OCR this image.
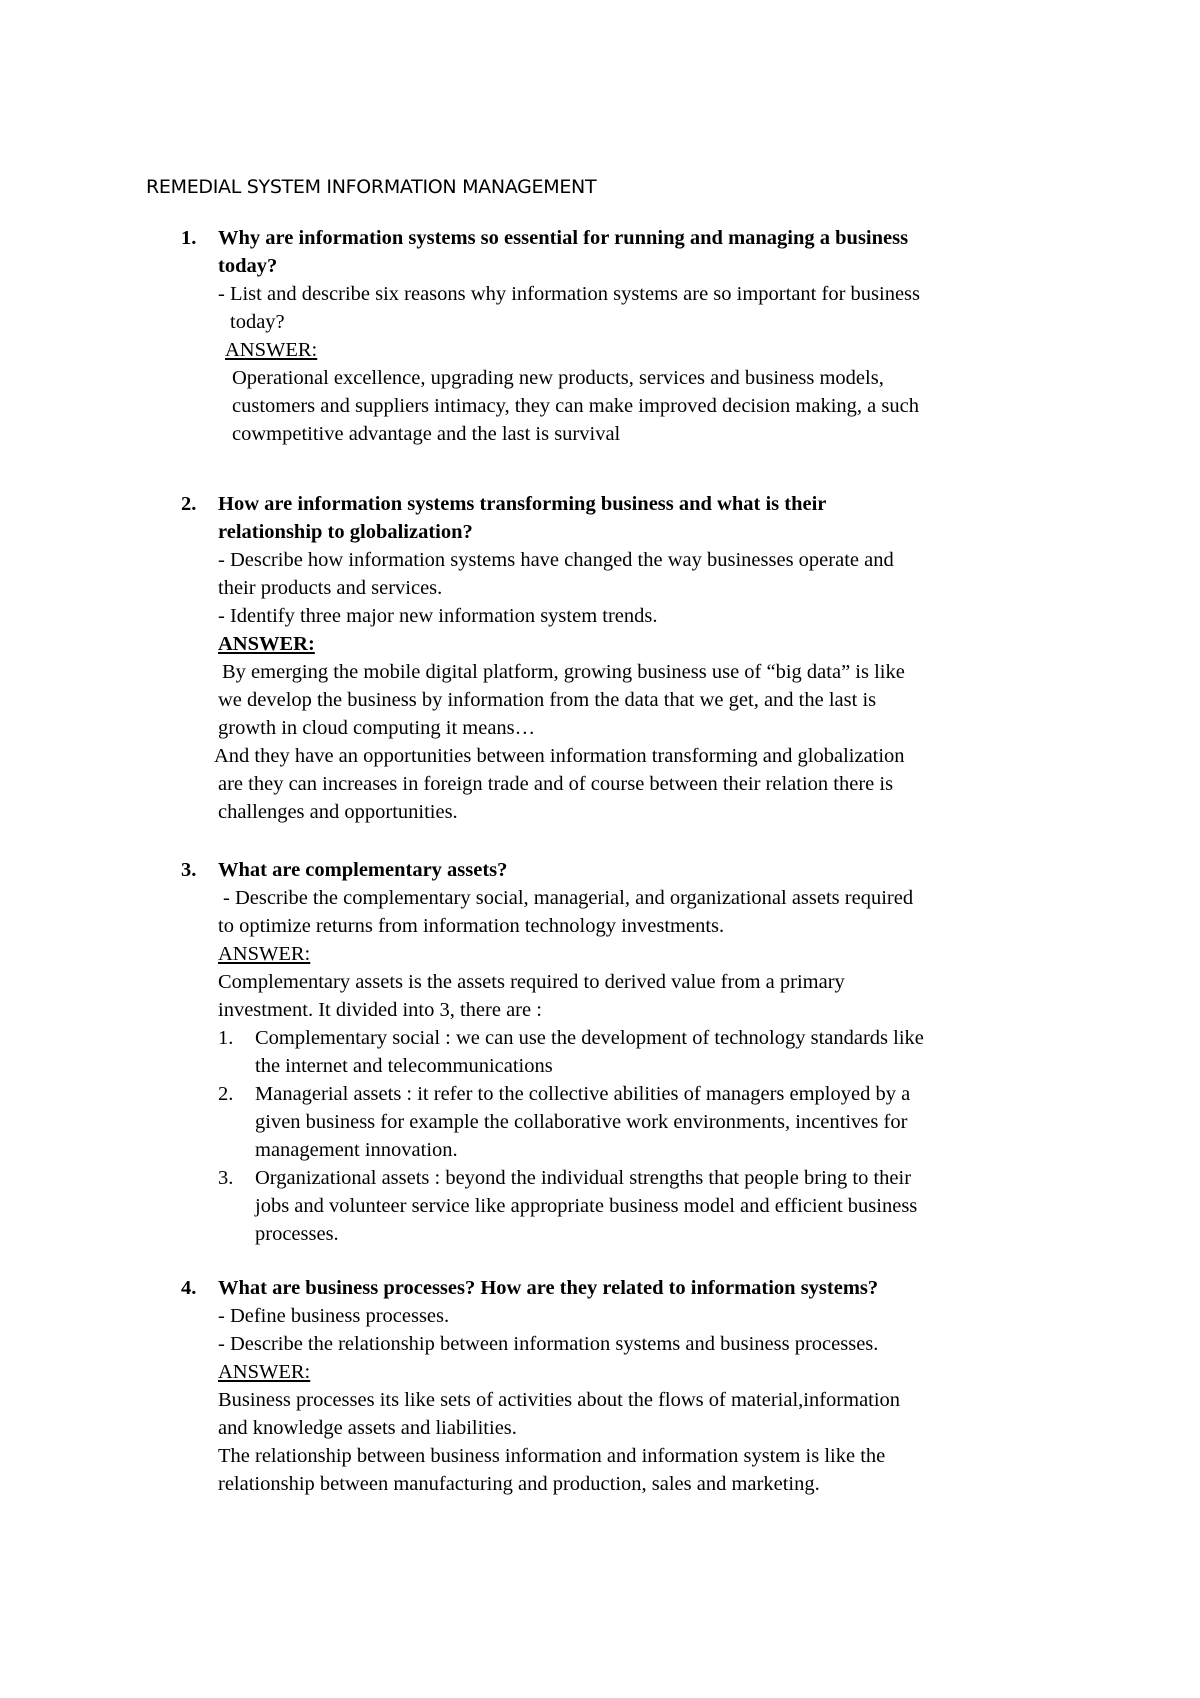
REMEDIAL SYSTEM INFORMATION MANAGEMENT
1. Why are information systems so essential for running and managing a business
today?
- List and describe six reasons why information systems are so important for business
today?
ANSWER:
Operational excellence, upgrading new products, services and business models,
customers and suppliers intimacy, they can make improved decision making, a such
cowmpetitive advantage and the last is survival
2. How are information systems transforming business and what is their
relationship to globalization?
- Describe how information systems have changed the way businesses operate and
their products and services.
- Identify three major new information system trends.
ANSWER:
By emerging the mobile digital platform, growing business use of “big data” is like
we develop the business by information from the data that we get, and the last is
growth in cloud computing it means…
And they have an opportunities between information transforming and globalization
are they can increases in foreign trade and of course between their relation there is
challenges and opportunities.
3. What are complementary assets?
- Describe the complementary social, managerial, and organizational assets required
to optimize returns from information technology investments.
ANSWER:
Complementary assets is the assets required to derived value from a primary
investment. It divided into 3, there are :
1. Complementary social : we can use the development of technology standards like
the internet and telecommunications
2. Managerial assets : it refer to the collective abilities of managers employed by a
given business for example the collaborative work environments, incentives for
management innovation.
3. Organizational assets : beyond the individual strengths that people bring to their
jobs and volunteer service like appropriate business model and efficient business
processes.
4. What are business processes? How are they related to information systems?
- Define business processes.
- Describe the relationship between information systems and business processes.
ANSWER:
Business processes its like sets of activities about the flows of material,information
and knowledge assets and liabilities.
The relationship between business information and information system is like the
relationship between manufacturing and production, sales and marketing.
